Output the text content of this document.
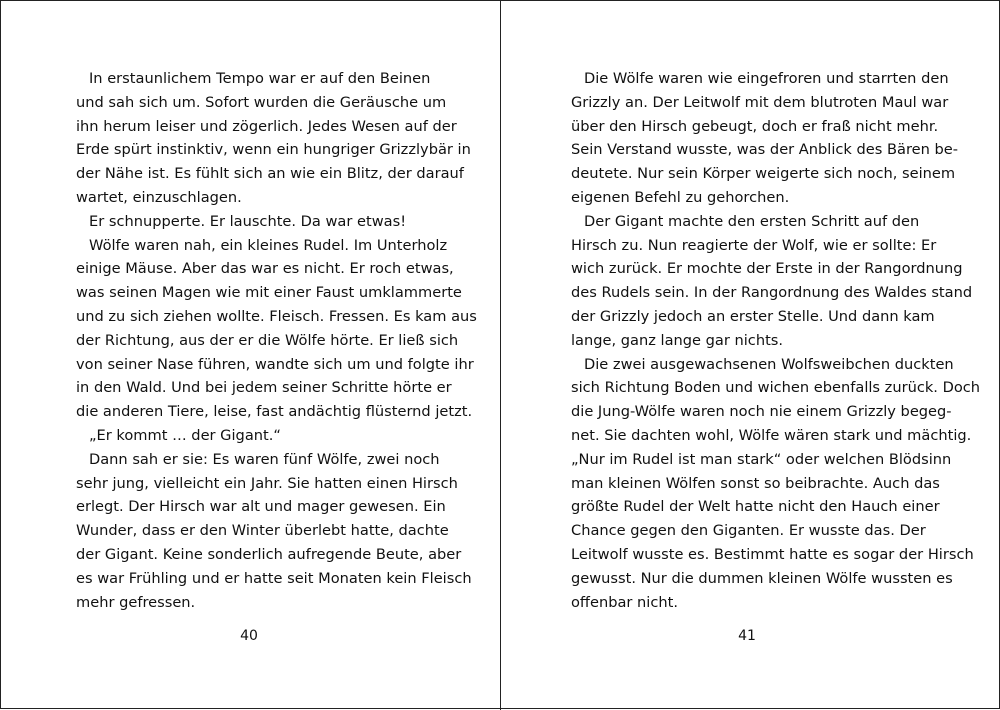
In erstaunlichem Tempo war er auf den Beinen
und sah sich um. Sofort wurden die Geräusche um
ihn herum leiser und zögerlich. Jedes Wesen auf der
Erde spürt instinktiv, wenn ein hungriger Grizzlybär in
der Nähe ist. Es fühlt sich an wie ein Blitz, der darauf
wartet, einzuschlagen.
Er schnupperte. Er lauschte. Da war etwas!
Wölfe waren nah, ein kleines Rudel. Im Unterholz
einige Mäuse. Aber das war es nicht. Er roch etwas,
was seinen Magen wie mit einer Faust umklammerte
und zu sich ziehen wollte. Fleisch. Fressen. Es kam aus
der Richtung, aus der er die Wölfe hörte. Er ließ sich
von seiner Nase führen, wandte sich um und folgte ihr
in den Wald. Und bei jedem seiner Schritte hörte er
die anderen Tiere, leise, fast andächtig flüsternd jetzt.
„Er kommt … der Gigant.“
Dann sah er sie: Es waren fünf Wölfe, zwei noch
sehr jung, vielleicht ein Jahr. Sie hatten einen Hirsch
erlegt. Der Hirsch war alt und mager gewesen. Ein
Wunder, dass er den Winter überlebt hatte, dachte
der Gigant. Keine sonderlich aufregende Beute, aber
es war Frühling und er hatte seit Monaten kein Fleisch
mehr gefressen.
40
Die Wölfe waren wie eingefroren und starrten den
Grizzly an. Der Leitwolf mit dem blutroten Maul war
über den Hirsch gebeugt, doch er fraß nicht mehr.
Sein Verstand wusste, was der Anblick des Bären be-
deutete. Nur sein Körper weigerte sich noch, seinem
eigenen Befehl zu gehorchen.
Der Gigant machte den ersten Schritt auf den
Hirsch zu. Nun reagierte der Wolf, wie er sollte: Er
wich zurück. Er mochte der Erste in der Rangordnung
des Rudels sein. In der Rangordnung des Waldes stand
der Grizzly jedoch an erster Stelle. Und dann kam
lange, ganz lange gar nichts.
Die zwei ausgewachsenen Wolfsweibchen duckten
sich Richtung Boden und wichen ebenfalls zurück. Doch
die Jung-Wölfe waren noch nie einem Grizzly begeg-
net. Sie dachten wohl, Wölfe wären stark und mächtig.
„Nur im Rudel ist man stark“ oder welchen Blödsinn
man kleinen Wölfen sonst so beibrachte. Auch das
größte Rudel der Welt hatte nicht den Hauch einer
Chance gegen den Giganten. Er wusste das. Der
Leitwolf wusste es. Bestimmt hatte es sogar der Hirsch
gewusst. Nur die dummen kleinen Wölfe wussten es
offenbar nicht.
41
